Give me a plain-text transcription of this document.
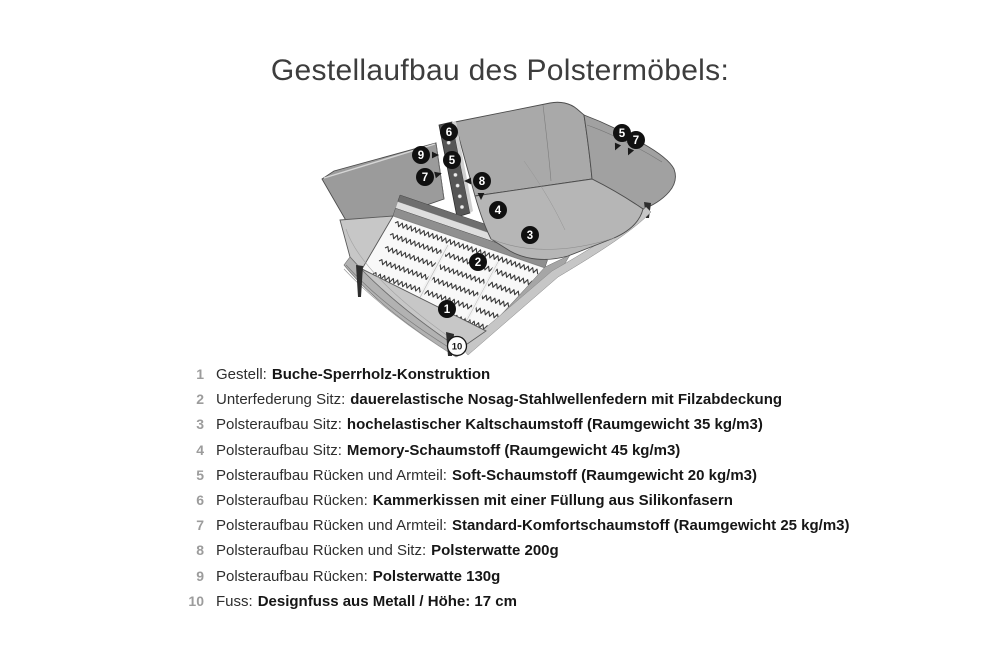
Gestellaufbau des Polstermöbels:
1
2
3
4
5
5
6
7
7
8
9
10
1 Gestell: Buche-Sperrholz-Konstruktion
2 Unterfederung Sitz: dauerelastische Nosag-Stahlwellenfedern mit Filzabdeckung
3 Polsteraufbau Sitz: hochelastischer Kaltschaumstoff (Raumgewicht 35 kg/m3)
4 Polsteraufbau Sitz: Memory-Schaumstoff (Raumgewicht 45 kg/m3)
5 Polsteraufbau Rücken und Armteil: Soft-Schaumstoff (Raumgewicht 20 kg/m3)
6 Polsteraufbau Rücken: Kammerkissen mit einer Füllung aus Silikonfasern
7 Polsteraufbau Rücken und Armteil: Standard-Komfortschaumstoff (Raumgewicht 25 kg/m3)
8 Polsteraufbau Rücken und Sitz: Polsterwatte 200g
9 Polsteraufbau Rücken: Polsterwatte 130g
10 Fuss: Designfuss aus Metall / Höhe: 17 cm
